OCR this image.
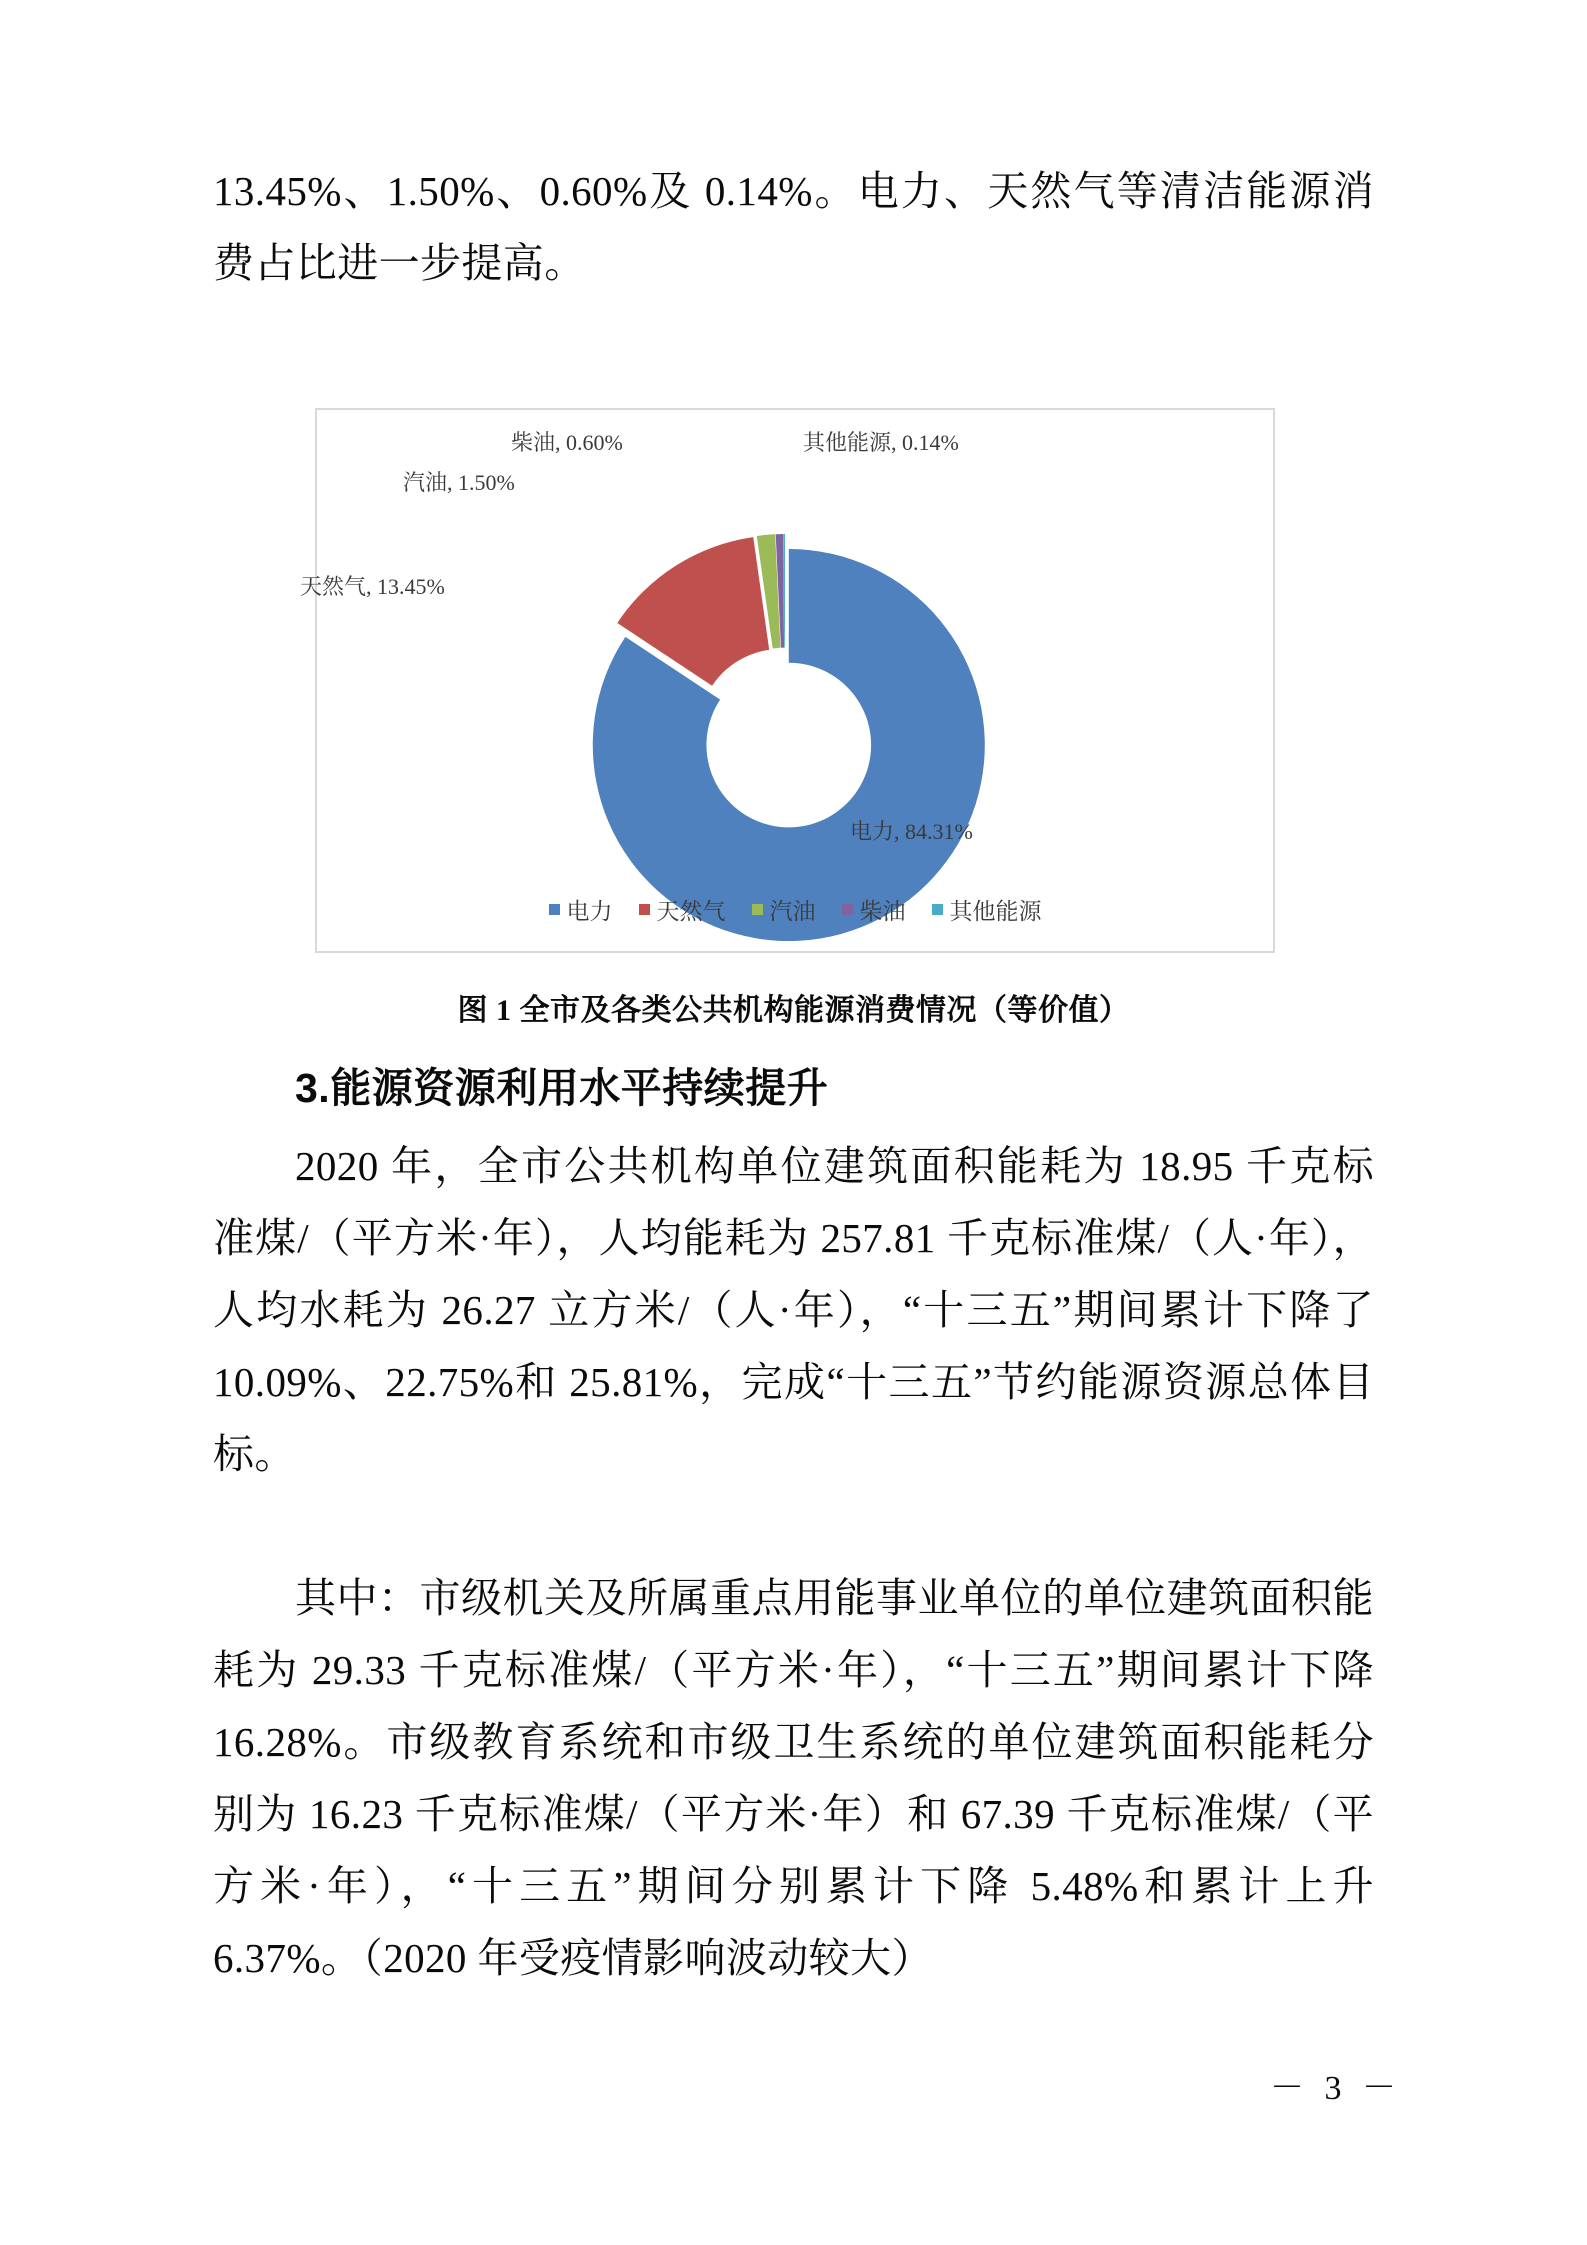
13.45%、1.50%、0.60%及 0.14%。电力、天然气等清洁能源消费占比进一步提高。

柴油, 0.60%
汽油, 1.50%
天然气, 13.45%
其他能源, 0.14%
电力, 84.31%
电力 天然气 汽油 柴油 其他能源
图 1 全市及各类公共机构能源消费情况（等价值）
3.能源资源利用水平持续提升

2020 年，全市公共机构单位建筑面积能耗为 18.95 千克标准煤/（平方米·年），人均能耗为 257.81 千克标准煤/（人·年），人均水耗为 26.27 立方米/（人·年），“十三五”期间累计下降了 10.09%、22.75%和 25.81%，完成“十三五”节约能源资源总体目标。

其中：市级机关及所属重点用能事业单位的单位建筑面积能耗为 29.33 千克标准煤/（平方米·年），“十三五”期间累计下降 16.28%。市级教育系统和市级卫生系统的单位建筑面积能耗分别为 16.23 千克标准煤/（平方米·年）和 67.39 千克标准煤/（平方米·年），“十三五”期间分别累计下降 5.48%和累计上升 6.37%。（2020 年受疫情影响波动较大）

－ 3 －
